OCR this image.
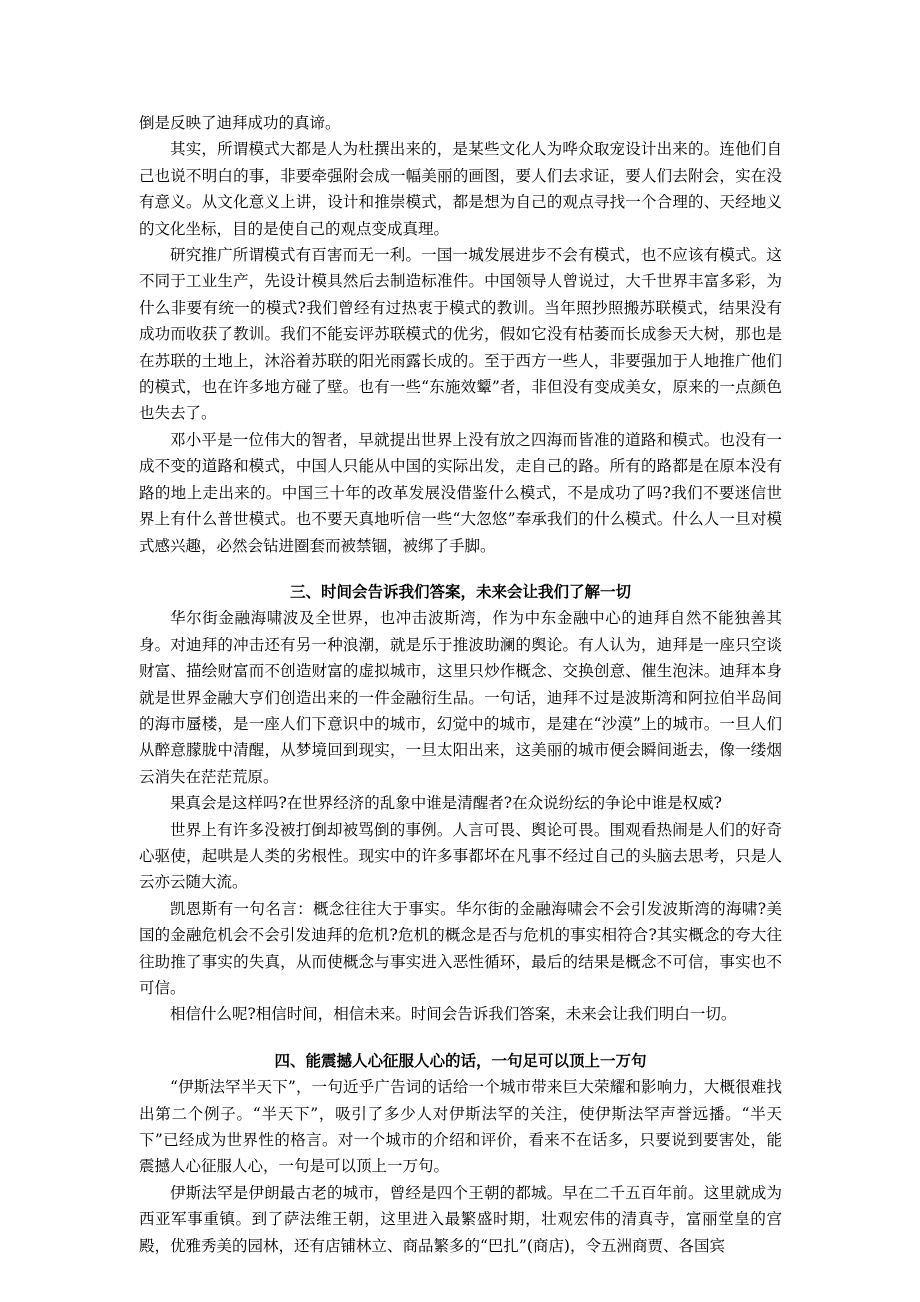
倒是反映了迪拜成功的真谛。

其实，所谓模式大都是人为杜撰出来的，是某些文化人为哗众取宠设计出来的。连他们自己也说不明白的事，非要牵强附会成一幅美丽的画图，要人们去求证，要人们去附会，实在没有意义。从文化意义上讲，设计和推崇模式，都是想为自己的观点寻找一个合理的、天经地义的文化坐标，目的是使自己的观点变成真理。

研究推广所谓模式有百害而无一利。一国一城发展进步不会有模式，也不应该有模式。这不同于工业生产，先设计模具然后去制造标准件。中国领导人曾说过，大千世界丰富多彩，为什么非要有统一的模式?我们曾经有过热衷于模式的教训。当年照抄照搬苏联模式，结果没有成功而收获了教训。我们不能妄评苏联模式的优劣，假如它没有枯萎而长成参天大树，那也是在苏联的土地上，沐浴着苏联的阳光雨露长成的。至于西方一些人，非要强加于人地推广他们的模式，也在许多地方碰了壁。也有一些“东施效颦”者，非但没有变成美女，原来的一点颜色也失去了。

邓小平是一位伟大的智者，早就提出世界上没有放之四海而皆准的道路和模式。也没有一成不变的道路和模式，中国人只能从中国的实际出发，走自己的路。所有的路都是在原本没有路的地上走出来的。中国三十年的改革发展没借鉴什么模式，不是成功了吗?我们不要迷信世界上有什么普世模式。也不要天真地听信一些“大忽悠”奉承我们的什么模式。什么人一旦对模式感兴趣，必然会钻进圈套而被禁锢，被绑了手脚。

三、时间会告诉我们答案，未来会让我们了解一切

华尔街金融海啸波及全世界，也冲击波斯湾，作为中东金融中心的迪拜自然不能独善其身。对迪拜的冲击还有另一种浪潮，就是乐于推波助澜的舆论。有人认为，迪拜是一座只空谈财富、描绘财富而不创造财富的虚拟城市，这里只炒作概念、交换创意、催生泡沫。迪拜本身就是世界金融大亨们创造出来的一件金融衍生品。一句话，迪拜不过是波斯湾和阿拉伯半岛间的海市蜃楼，是一座人们下意识中的城市，幻觉中的城市，是建在“沙漠”上的城市。一旦人们从醉意朦胧中清醒，从梦境回到现实，一旦太阳出来，这美丽的城市便会瞬间逝去，像一缕烟云消失在茫茫荒原。

果真会是这样吗?在世界经济的乱象中谁是清醒者?在众说纷纭的争论中谁是权威?

世界上有许多没被打倒却被骂倒的事例。人言可畏、舆论可畏。围观看热闹是人们的好奇心驱使，起哄是人类的劣根性。现实中的许多事都坏在凡事不经过自己的头脑去思考，只是人云亦云随大流。

凯恩斯有一句名言：概念往往大于事实。华尔街的金融海啸会不会引发波斯湾的海啸?美国的金融危机会不会引发迪拜的危机?危机的概念是否与危机的事实相符合?其实概念的夸大往往助推了事实的失真，从而使概念与事实进入恶性循环，最后的结果是概念不可信，事实也不可信。

相信什么呢?相信时间，相信未来。时间会告诉我们答案，未来会让我们明白一切。

四、能震撼人心征服人心的话，一句足可以顶上一万句

“伊斯法罕半天下”，一句近乎广告词的话给一个城市带来巨大荣耀和影响力，大概很难找出第二个例子。“半天下”，吸引了多少人对伊斯法罕的关注，使伊斯法罕声誉远播。“半天下”已经成为世界性的格言。对一个城市的介绍和评价，看来不在话多，只要说到要害处，能震撼人心征服人心，一句是可以顶上一万句。

伊斯法罕是伊朗最古老的城市，曾经是四个王朝的都城。早在二千五百年前。这里就成为西亚军事重镇。到了萨法维王朝，这里进入最繁盛时期，壮观宏伟的清真寺，富丽堂皇的宫殿，优雅秀美的园林，还有店铺林立、商品繁多的“巴扎”(商店)，令五洲商贾、各国宾
